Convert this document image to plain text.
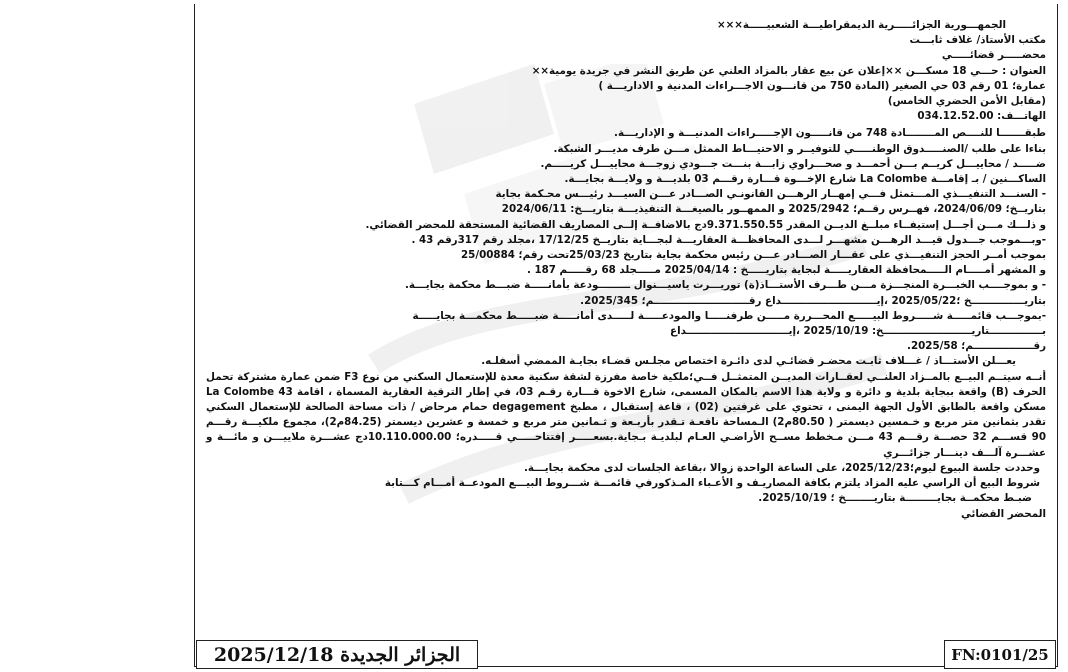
الجمهـــورية الجزائـــــرية الديمقراطيـــة الشعبيـــــة×××
مكتب الأستاذ/ غلاف ثابـــت
محضـــــر قضائـــــي
العنوان : حـــي 18 مسكـــن ××إعلان عن بيع عقار بالمزاد العلني عن طريق النشر في جريدة يومية××
عمارة؛ 01 رقم 03 حي الصغير (المادة 750 من قانـــون الاجـــراءات المدنية و الاداريـــة )
(مقابل الأمن الحضري الخامس)
الهاتـــف: 034.12.52.00
طبقـــــــا للنــــص المــــــــادة 748 من قانـــــون الإجـــــراءات المدنيـــة و الإداريـــة.
بناءا على طلب /الصنـــــدوق الوطنـــــي للتوفيــر و الاحتيـــاط الممثل مـــن طرف مديـــر الشبكة.
ضـــــد / محاييـــل كريــم بـــن أحمـــد و صحـــراوي زابـــة بنـــت جـــودي زوجـــة محاييـــل كريـــــم.
الساكـــنين / بـ إقامـــة La Colombe شارع الإخـــوة قـــارة رقـــم 03 بلديـــة و ولايـــة بجايـــة.
- السنـــد التنفيـــذي المـــتمثل فـــي إمهــار الرهـــن القانونـي الصـــادر عـــن السيـــد رئيـــس محـكمة بجاية
بتاريــخ؛ 2024/06/09، فهــرس رقــم؛ 2025/2942 و الممهــور بالصيغـــة التنفيذيـــة بتاريـــخ: 2024/06/11
و ذلـــك مـــن أجـــل إستيفــاء مبلــغ الديــن المقدر 9.371.550.55دج بالاضافــة إلــى المصاريف القضائية المستحقة للمحضر القضائي.
-وبـــموجب جـــدول قيـــد الرهـــن مشهـــر لـــدى المحافظـــة العقاريـــة لبجـــاية بتاريــخ 17/12/25 ،مجلد رقم 317رقم 43 .
بموجب أمــر الحجز التنفيـــذي على عقـــار الصـــادر عـــن رئيس محكمة بجاية بتاريخ 25/03/23تحت رقم؛ 25/00884
و المشهر أمـــــام الـــــمحافظة العقاريـــــة لبجاية بتاريـــــخ : 2025/04/14 مـــــجلد 68 رقـــــم 187 .
- و بموجــــب الخبـــرة المنجـــزة مـــن طـــرف الأستـــاذ(ة) توريـــرت ياسيـــنوال ـــــــــودعة بأمانـــــة ضبـــط محكمة بجايـــة.
بتاريـــــــــــــــخ ؛2025/05/22 ،إيـــــــــــــــــــــــــــداع رقـــــــــــــــــــــــــــم؛ 2025/345.
-بموجـــب قائمـــــة شـــــروط البيـــــع المحـــررة مـــــن طرفنـــــا والمودعـــــة لـــــدى أمانـــــة ضبـــــط محكمـــة بجايـــــة
بـــــــــــــــتاريـــــــــــــــــــــــــخ: 2025/10/19 ،إيـــــــــــــــــــــــــــــداع
رقـــــــــــــــــم؛ 2025/58.
يعـــلن الأستـــاذ / غـــلاف ثابـت محضـر قضائـي لدى دائـرة اختصاص مجلـس قضـاء بجايـة الممضي أسفلـه.
أنــه سيتــم البيــع بالمــزاد العلنــي لعقــارات المديــن المتمثــل فــي؛ملكية خاصة مفرزة لشقة سكنية معدة للإستعمال السكني من نوع F3 ضمن عمارة مشتركة تحمل الحرف (B) واقعة ببجاية بلدية و دائرة و ولاية هذا الاسم بالمكان المسمى، شارع الاخوة قـــارة رقـم 03، في إطار الترقية العقارية المسماة ، اقامة La Colombe 43 مسكن واقعة بالطابق الأول الجهة اليمنى ، تحتوي على غرفتين (02) ، قاعة إستقبال ، مطبخ degagement حمام مرحاض / ذات مساحة الصالحة للإستعمال السكني تقدر بثمانين متر مربع و خـمسين ديسمتر ( 80.50م2) الـمساحة نافعـة تـقدر بأربـعة و ثـمانين متر مربع و خمسة و عشرين ديسمتر (84.25م2)، مجموع ملكيـــة رقـــم 90 قســـم 32 حصـــة رقـــم 43 مـــن مـخطط مســح الأراضـي العـام لبلديـة بـجاية.بسعـــــر إفتتاحـــــي قـــــدره؛ 10.110.000.00دج عشـــرة ملاييـــن و مائـــة و عشـــرة آلـــف دينـــار جزائـــري
وحددت جلسة البيوع ليوم؛2025/12/23، على الساعة الواحدة زوالا ،بقاعة الجلسات لدى محكمة بجايـــة.
شروط البيع أن الراسي عليه المزاد يلتزم بكافة المصاريـف و الأعـباء المـذكورفي قائمـــة شـــروط البيـــع المودعــة أمـــام كـــتابة
ضبـط محكمــة بجايـــــــــة بتاريــــــــخ ؛ 2025/10/19.
المحضر القضائي
الجزائر الجديدة 2025/12/18	FN:0101/25
